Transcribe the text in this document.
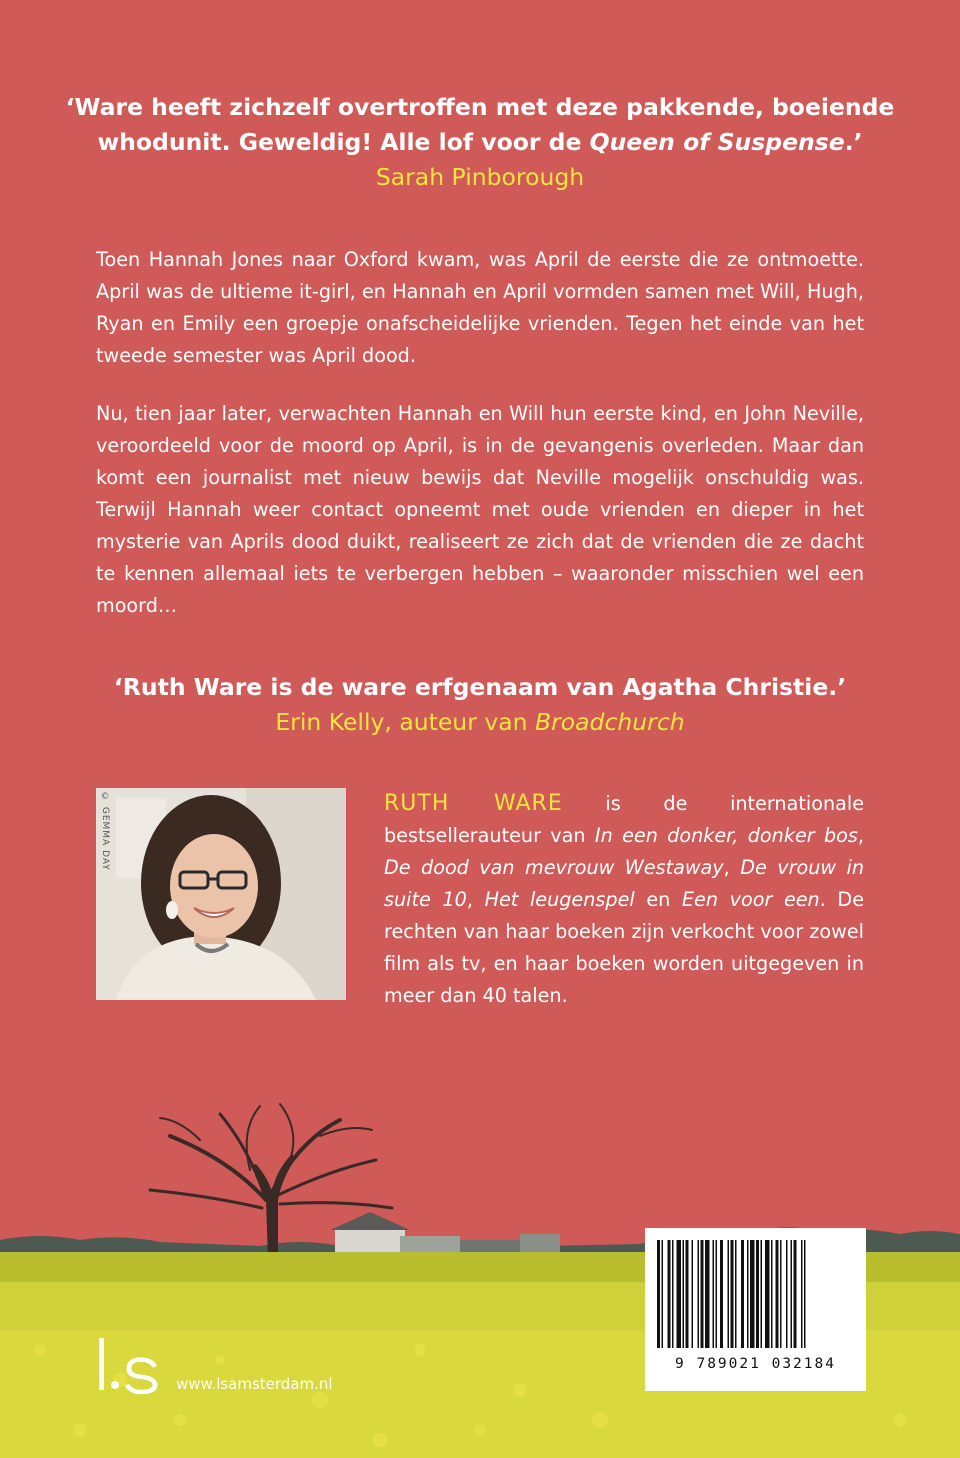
‘Ware heeft zichzelf overtroffen met deze pakkende, boeiende whodunit. Geweldig! Alle lof voor de Queen of Suspense.’
Sarah Pinborough
Toen Hannah Jones naar Oxford kwam, was April de eerste die ze ontmoette. April was de ultieme it-girl, en Hannah en April vormden samen met Will, Hugh, Ryan en Emily een groepje onafscheidelijke vrienden. Tegen het einde van het tweede semester was April dood.
Nu, tien jaar later, verwachten Hannah en Will hun eerste kind, en John Neville, veroordeeld voor de moord op April, is in de gevangenis overleden. Maar dan komt een journalist met nieuw bewijs dat Neville mogelijk onschuldig was. Terwijl Hannah weer contact opneemt met oude vrienden en dieper in het mysterie van Aprils dood duikt, realiseert ze zich dat de vrienden die ze dacht te kennen allemaal iets te verbergen hebben – waaronder misschien wel een moord…
‘Ruth Ware is de ware erfgenaam van Agatha Christie.’
Erin Kelly, auteur van Broadchurch
© GEMMA DAY	RUTH WARE is de internationale bestsellerauteur van In een donker, donker bos, De dood van mevrouw Westaway, De vrouw in suite 10, Het leugenspel en Een voor een. De rechten van haar boeken zijn verkocht voor zowel film als tv, en haar boeken worden uitgegeven in meer dan 40 talen.
9 789021 032184
www.lsamsterdam.nl
